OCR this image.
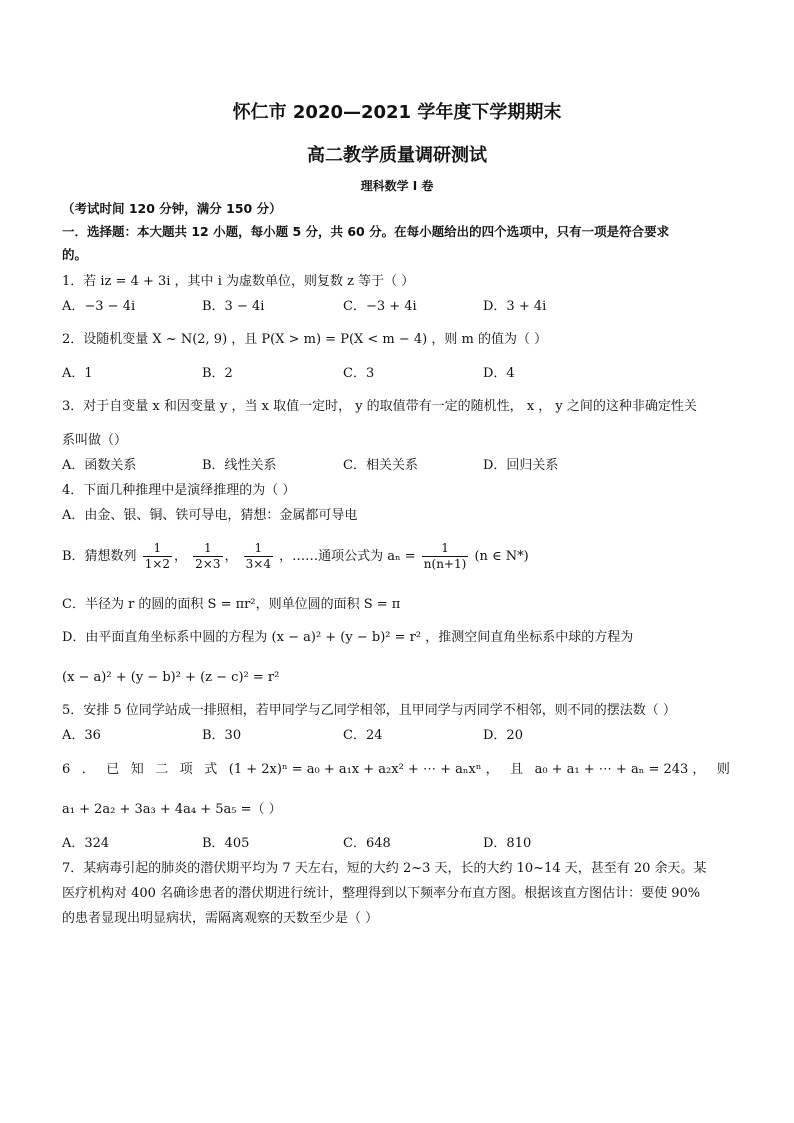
怀仁市 2020—2021 学年度下学期期末
高二教学质量调研测试
理科数学 I 卷
（考试时间 120 分钟，满分 150 分）
一．选择题：本大题共 12 小题，每小题 5 分，共 60 分。在每小题给出的四个选项中，只有一项是符合要求
的。
1．若 iz = 4 + 3i ，其中 i 为虚数单位，则复数 z 等于（ ）
A．−3 − 4i	B．3 − 4i	C．−3 + 4i	D．3 + 4i
2．设随机变量 X ~ N(2, 9) ，且 P(X > m) = P(X < m − 4) ，则 m 的值为（ ）
A．1	B．2	C．3	D．4
3．对于自变量 x 和因变量 y ，当 x 取值一定时， y 的取值带有一定的随机性， x ， y 之间的这种非确定性关
系叫做（）
A．函数关系	B．线性关系	C．相关关系	D．回归关系
4．下面几种推理中是演绎推理的为（ ）
A．由金、银、铜、铁可导电，猜想：金属都可导电
B．猜想数列 $\frac{1}{1\times 2}$ ， $\frac{1}{2\times 3}$ ， $\frac{1}{3\times 4}$ ，……通项公式为 $a_n = \frac{1}{n(n+1)} (n$ ∈ N*)
C．半径为 r 的圆的面积 S = πr²，则单位圆的面积 S = π
D．由平面直角坐标系中圆的方程为 (x − a)² + (y − b)² = r² ，推测空间直角坐标系中球的方程为
(x − a)² + (y − b)² + (z − c)² = r²
5．安排 5 位同学站成一排照相，若甲同学与乙同学相邻，且甲同学与丙同学不相邻，则不同的摆法数（ ）
A．36	B．30	C．24	D．20
6 ． 已 知 二 项 式 (1 + 2x)ⁿ = a₀ + a₁x + a₂x² + ⋯ + aₙxⁿ ， 且 a₀ + a₁ + ⋯ + aₙ = 243 ， 则
a₁ + 2a₂ + 3a₃ + 4a₄ + 5a₅ =（ ）
A．324	B．405	C．648	D．810
7．某病毒引起的肺炎的潜伏期平均为 7 天左右，短的大约 2~3 天，长的大约 10~14 天，甚至有 20 余天。某
医疗机构对 400 名确诊患者的潜伏期进行统计，整理得到以下频率分布直方图。根据该直方图估计：要使 90%
的患者显现出明显病状，需隔离观察的天数至少是（ ）
